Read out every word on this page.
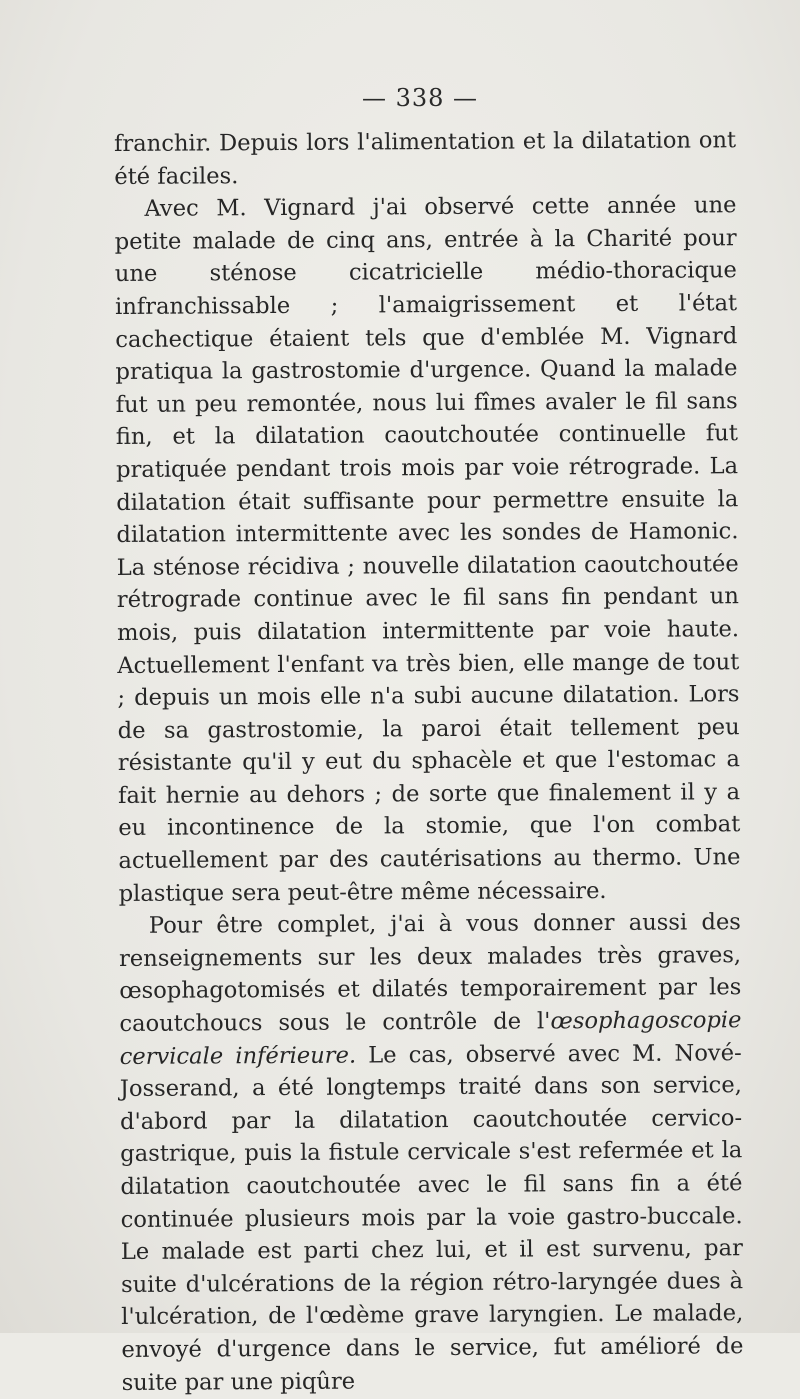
— 338 —

franchir. Depuis lors l'alimentation et la dilatation ont été faciles.

Avec M. Vignard j'ai observé cette année une petite malade de cinq ans, entrée à la Charité pour une sténose cicatricielle médio-thoracique infranchissable ; l'amaigrissement et l'état cachectique étaient tels que d'emblée M. Vignard pratiqua la gastrostomie d'urgence. Quand la malade fut un peu remontée, nous lui fîmes avaler le fil sans fin, et la dilatation caoutchoutée continuelle fut pratiquée pendant trois mois par voie rétrograde. La dilatation était suffisante pour permettre ensuite la dilatation intermittente avec les sondes de Hamonic. La sténose récidiva ; nouvelle dilatation caoutchoutée rétrograde continue avec le fil sans fin pendant un mois, puis dilatation intermittente par voie haute. Actuellement l'enfant va très bien, elle mange de tout ; depuis un mois elle n'a subi aucune dilatation. Lors de sa gastrostomie, la paroi était tellement peu résistante qu'il y eut du sphacèle et que l'estomac a fait hernie au dehors ; de sorte que finalement il y a eu incontinence de la stomie, que l'on combat actuellement par des cautérisations au thermo. Une plastique sera peut-être même nécessaire.

Pour être complet, j'ai à vous donner aussi des renseignements sur les deux malades très graves, œsophagotomisés et dilatés temporairement par les caoutchoucs sous le contrôle de l'œsophagoscopie cervicale inférieure. Le cas, observé avec M. Nové-Josserand, a été longtemps traité dans son service, d'abord par la dilatation caoutchoutée cervico-gastrique, puis la fistule cervicale s'est refermée et la dilatation caoutchoutée avec le fil sans fin a été continuée plusieurs mois par la voie gastro-buccale. Le malade est parti chez lui, et il est survenu, par suite d'ulcérations de la région rétro-laryngée dues à l'ulcération, de l'œdème grave laryngien. Le malade, envoyé d'urgence dans le service, fut amélioré de suite par une piqûre
